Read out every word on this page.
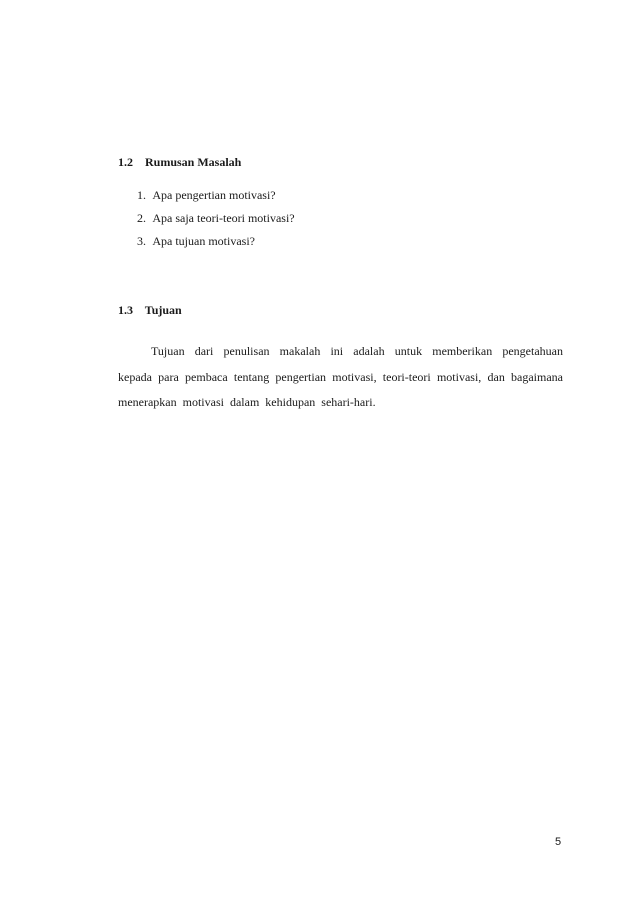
1.2 Rumusan Masalah
1. Apa pengertian motivasi?
2. Apa saja teori-teori motivasi?
3. Apa tujuan motivasi?
1.3 Tujuan

Tujuan dari penulisan makalah ini adalah untuk memberikan pengetahuan kepada para pembaca tentang pengertian motivasi, teori-teori motivasi, dan bagaimana menerapkan motivasi dalam kehidupan sehari-hari.

5
